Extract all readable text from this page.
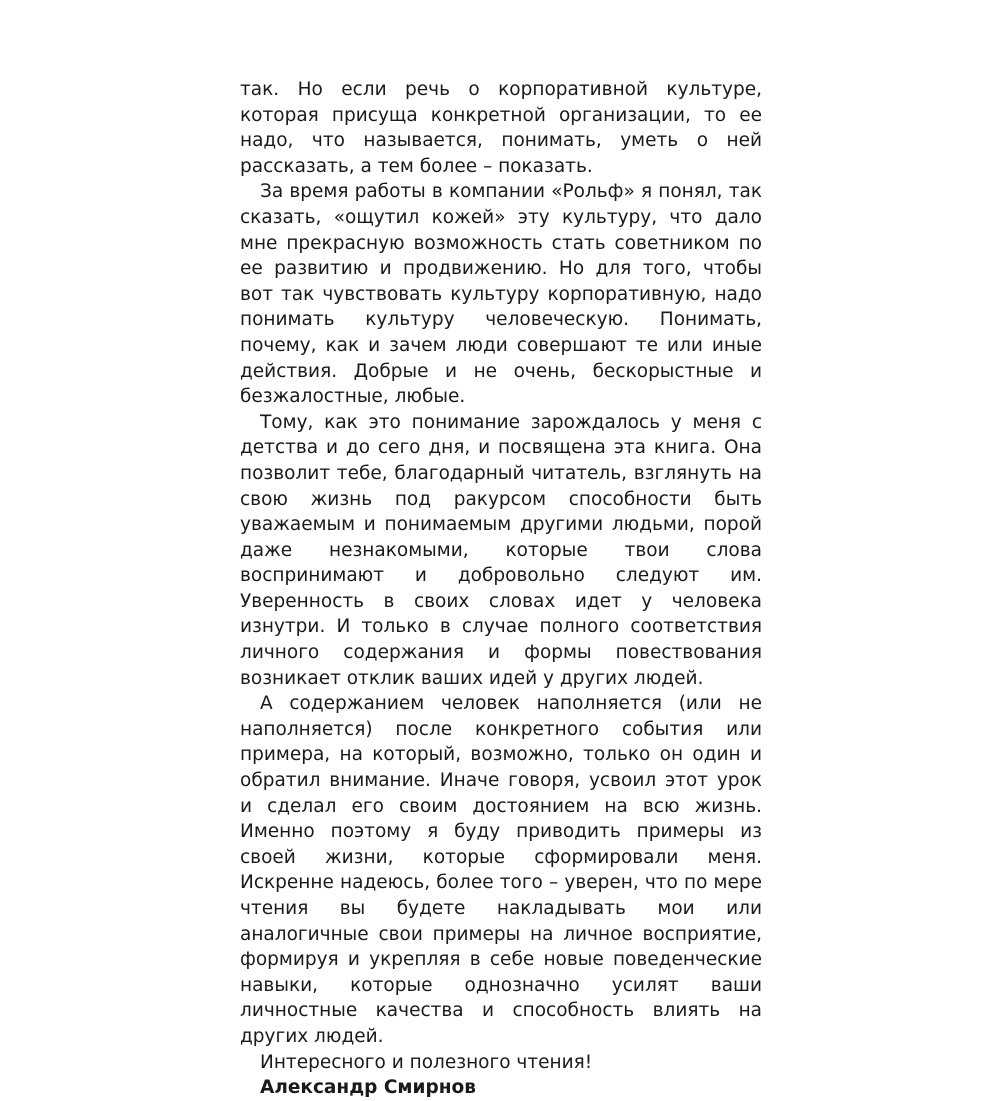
так. Но если речь о корпоративной культуре, которая присуща конкретной организации, то ее надо, что называется, понимать, уметь о ней рассказать, а тем более – показать.

За время работы в компании «Рольф» я понял, так сказать, «ощутил кожей» эту культуру, что дало мне прекрасную возможность стать советником по ее развитию и продвижению. Но для того, чтобы вот так чувствовать культуру корпоративную, надо понимать культуру человеческую. Понимать, почему, как и зачем люди совершают те или иные действия. Добрые и не очень, бескорыстные и безжалостные, любые.

Тому, как это понимание зарождалось у меня с детства и до сего дня, и посвящена эта книга. Она позволит тебе, благодарный читатель, взглянуть на свою жизнь под ракурсом способности быть уважаемым и понимаемым другими людьми, порой даже незнакомыми, которые твои слова воспринимают и добровольно следуют им. Уверенность в своих словах идет у человека изнутри. И только в случае полного соответствия личного содержания и формы повествования возникает отклик ваших идей у других людей.

А содержанием человек наполняется (или не наполняется) после конкретного события или примера, на который, возможно, только он один и обратил внимание. Иначе говоря, усвоил этот урок и сделал его своим достоянием на всю жизнь. Именно поэтому я буду приводить примеры из своей жизни, которые сформировали меня. Искренне надеюсь, более того – уверен, что по мере чтения вы будете накладывать мои или аналогичные свои примеры на личное восприятие, формируя и укрепляя в себе новые поведенческие навыки, которые однозначно усилят ваши личностные качества и способность влиять на других людей.

Интересного и полезного чтения!

Александр Смирнов
